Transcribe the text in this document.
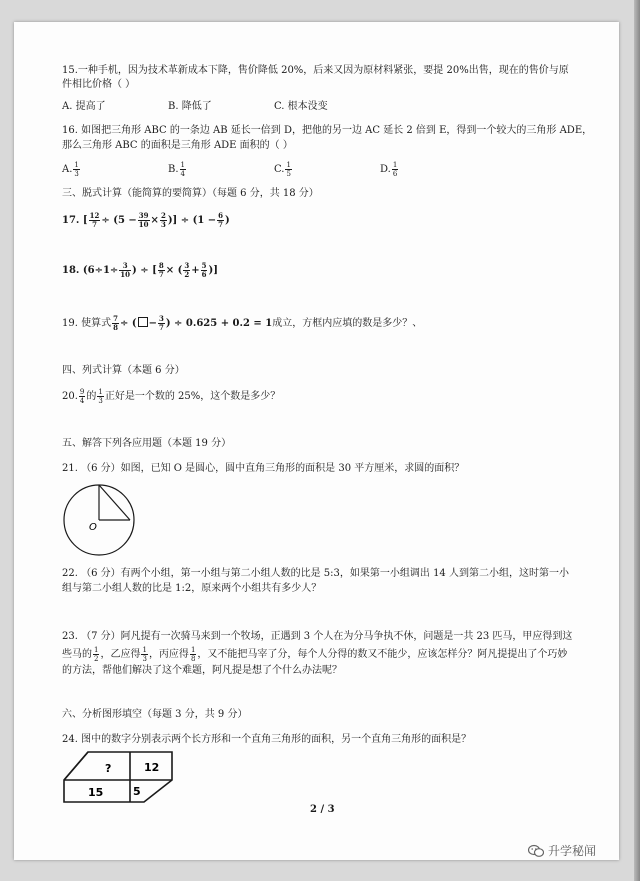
15.一种手机，因为技术革新成本下降，售价降低 20%，后来又因为原材料紧张，要提 20%出售，现在的售价与原
件相比价格（ ）
A. 提高了	B. 降低了	C. 根本没变
16. 如图把三角形 ABC 的一条边 AB 延长一倍到 D，把他的另一边 AC 延长 2 倍到 E，得到一个较大的三角形 ADE，
那么三角形 ABC 的面积是三角形 ADE 面积的（ ）
A. $\frac{1}{3}$	B. $\frac{1}{4}$	C. $\frac{1}{5}$	D. $\frac{1}{6}$
三、脱式计算（能简算的要简算）（每题 6 分，共 18 分）
17. [ $\frac{12}{7} \div (5 - \frac{39}{10} \times \frac{2}{3}$ )] ÷ ($1 - \frac{6}{7}$ )
18. ($6\div 1\div \frac{3}{10}$ ) ÷ [ $\frac{8}{7}$ × ( $\frac{3}{2} + \frac{5}{6}$ )]
19. 使算式 $\frac{7}{8}$ ÷ ( − $\frac{3}{7}$ ) ÷ 0.625 + 0.2 = 1成立，方框内应填的数是多少？、
四、列式计算（本题 6 分）
20. $\frac{9}{4}$ 的 $\frac{1}{3}$ 正好是一个数的 25%，这个数是多少？
五、解答下列各应用题（本题 19 分）
21. （6 分）如图，已知 O 是圆心，圆中直角三角形的面积是 30 平方厘米，求圆的面积？
O
22. （6 分）有两个小组，第一小组与第二小组人数的比是 5:3，如果第一小组调出 14 人到第二小组，这时第一小
组与第二小组人数的比是 1:2，原来两个小组共有多少人？
23. （7 分）阿凡提有一次骑马来到一个牧场，正遇到 3 个人在为分马争执不休，问题是一共 23 匹马，甲应得到这
些马的 $\frac{1}{2}$ ，乙应得 $\frac{1}{3}$ ，丙应得 $\frac{1}{8}$ ，又不能把马宰了分，每个人分得的数又不能少，应该怎样分？阿凡提提出了个巧妙
的方法，帮他们解决了这个难题，阿凡提是想了个什么办法呢？
六、分析图形填空（每题 3 分，共 9 分）
24. 图中的数字分别表示两个长方形和一个直角三角形的面积，另一个直角三角形的面积是？
?	12
15	5
2 / 3
升学秘闻
